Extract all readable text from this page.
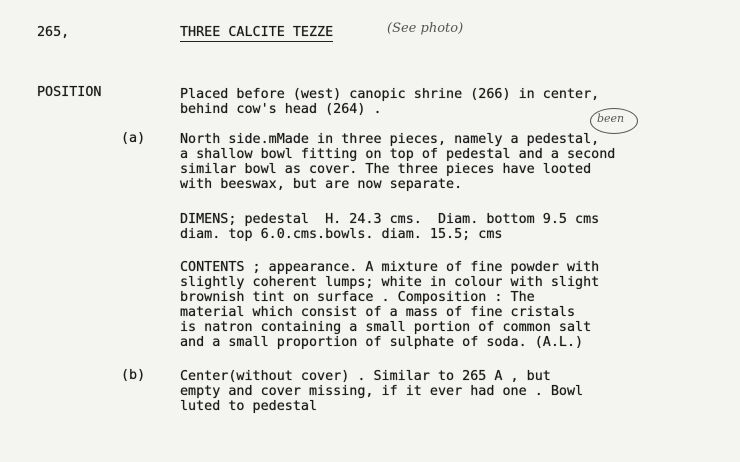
265,	THREE CALCITE TEZZE	(See photo)
POSITION	Placed before (west) canopic shrine (266) in center,
behind cow's head (264) .
(a)	North side.mMade in three pieces, namely a pedestal,
a shallow bowl fitting on top of pedestal and a second
similar bowl as cover. The three pieces have looted
with beeswax, but are now separate.
been
DIMENS; pedestal  H. 24.3 cms.  Diam. bottom 9.5 cms
diam. top 6.0.cms.bowls. diam. 15.5; cms
CONTENTS ; appearance. A mixture of fine powder with
slightly coherent lumps; white in colour with slight
brownish tint on surface . Composition : The
material which consist of a mass of fine cristals
is natron containing a small portion of common salt
and a small proportion of sulphate of soda. (A.L.)
(b)	Center(without cover) . Similar to 265 A , but
empty and cover missing, if it ever had one . Bowl
luted to pedestal
